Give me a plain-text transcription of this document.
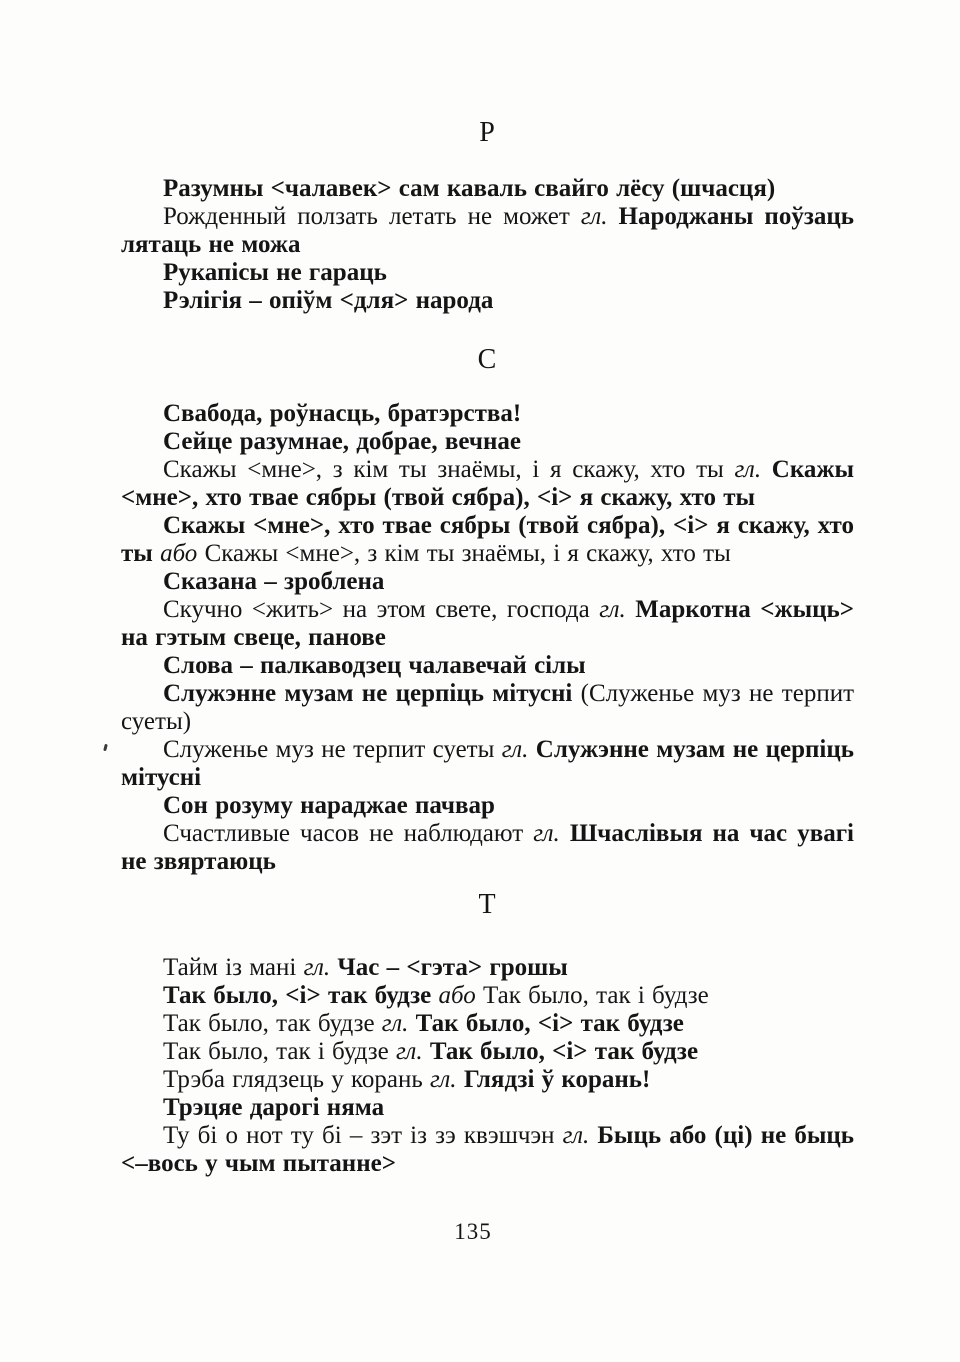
Р

Разумны <чалавек> сам каваль свайго лёсу (шчасця)

Рожденный ползать летать не может гл. Народжаны поўзаць лятаць не можа

Рукапісы не гараць

Рэлігія – опіўм <для> народа

С

Свабода, роўнасць, братэрства!

Сейце разумнае, добрае, вечнае

Скажы <мне>, з кім ты знаёмы, і я скажу, хто ты гл. Скажы <мне>, хто твае сябры (твой сябра), <і> я скажу, хто ты

Скажы <мне>, хто твае сябры (твой сябра), <і> я скажу, хто ты або Скажы <мне>, з кім ты знаёмы, і я скажу, хто ты

Сказана – зроблена

Скучно <жить> на этом свете, господа гл. Маркотна <жыць> на гэтым свеце, панове

Слова – палкаводзец чалавечай сілы

Служэнне музам не церпіць мітусні (Служенье муз не терпит суеты)

Служенье муз не терпит суеты гл. Служэнне музам не церпіць мітусні

Сон розуму нараджае пачвар

Счастливые часов не наблюдают гл. Шчаслівыя на час увагі не звяртаюць

Т

Тайм із мані гл. Час – <гэта> грошы

Так было, <і> так будзе або Так было, так і будзе

Так было, так будзе гл. Так было, <і> так будзе

Так было, так і будзе гл. Так было, <і> так будзе

Трэба глядзець у корань гл. Глядзі ў корань!

Трэцяе дарогі няма

Ту бі о нот ту бі – зэт із зэ квэшчэн гл. Быць або (ці) не быць <–вось у чым пытанне>

135
